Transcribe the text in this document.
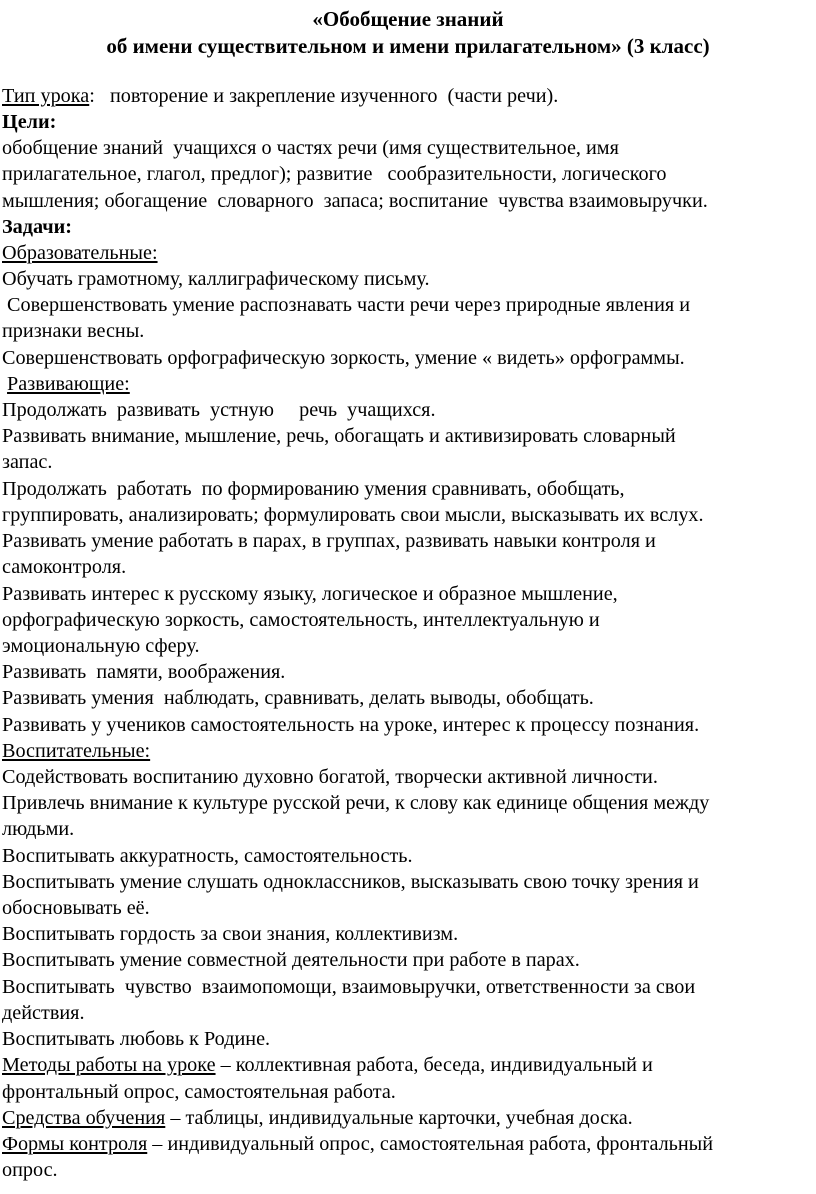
«Обобщение знаний
об имени существительном и имени прилагательном» (3 класс)
Тип урока:   повторение и закрепление изученного  (части речи).
Цели:
обобщение знаний  учащихся о частях речи (имя существительное, имя
прилагательное, глагол, предлог); развитие   сообразительности, логического
мышления; обогащение  словарного  запаса; воспитание  чувства взаимовыручки.
Задачи:
Образовательные:
Обучать грамотному, каллиграфическому письму.
Совершенствовать умение распознавать части речи через природные явления и
признаки весны.
Совершенствовать орфографическую зоркость, умение « видеть» орфограммы.
Развивающие:
Продолжать  развивать  устную     речь  учащихся.
Развивать внимание, мышление, речь, обогащать и активизировать словарный
запас.
Продолжать  работать  по формированию умения сравнивать, обобщать,
группировать, анализировать; формулировать свои мысли, высказывать их вслух.
Развивать умение работать в парах, в группах, развивать навыки контроля и
самоконтроля.
Развивать интерес к русскому языку, логическое и образное мышление,
орфографическую зоркость, самостоятельность, интеллектуальную и
эмоциональную сферу.
Развивать  памяти, воображения.
Развивать умения  наблюдать, сравнивать, делать выводы, обобщать.
Развивать у учеников самостоятельность на уроке, интерес к процессу познания.
Воспитательные:
Содействовать воспитанию духовно богатой, творчески активной личности.
Привлечь внимание к культуре русской речи, к слову как единице общения между
людьми.
Воспитывать аккуратность, самостоятельность.
Воспитывать умение слушать одноклассников, высказывать свою точку зрения и
обосновывать её.
Воспитывать гордость за свои знания, коллективизм.
Воспитывать умение совместной деятельности при работе в парах.
Воспитывать  чувство  взаимопомощи, взаимовыручки, ответственности за свои
действия.
Воспитывать любовь к Родине.
Методы работы на уроке – коллективная работа, беседа, индивидуальный и
фронтальный опрос, самостоятельная работа.
Средства обучения – таблицы, индивидуальные карточки, учебная доска.
Формы контроля – индивидуальный опрос, самостоятельная работа, фронтальный
опрос.
